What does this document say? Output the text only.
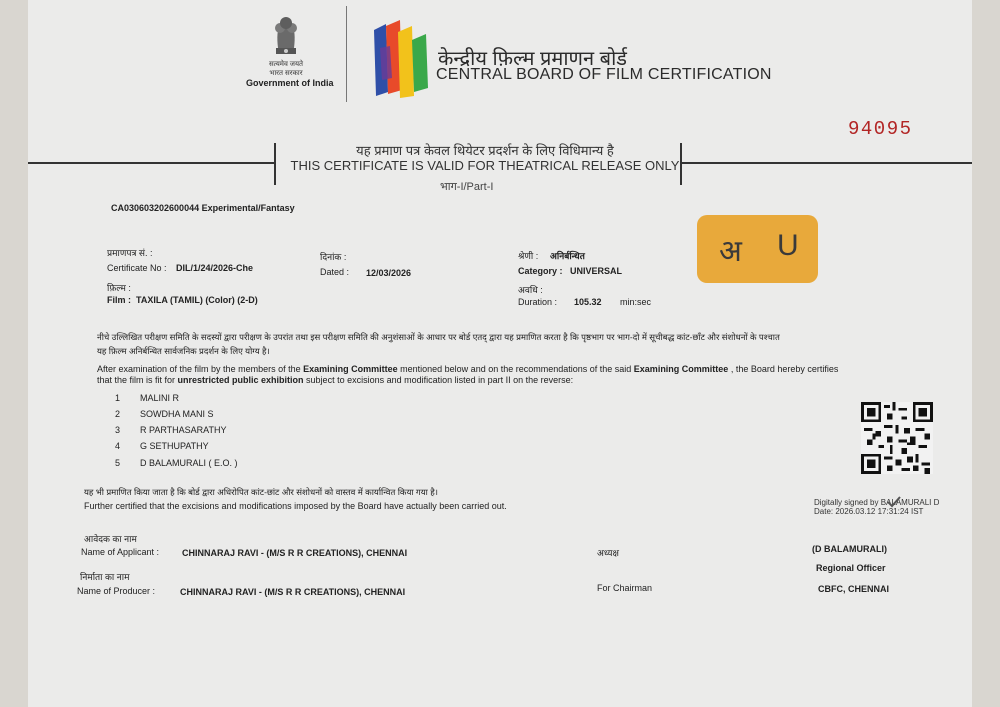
सत्यमेव जयते
भारत सरकार
Government of India
केन्द्रीय फ़िल्म प्रमाणन बोर्ड
CENTRAL BOARD OF FILM CERTIFICATION
94095
यह प्रमाण पत्र केवल थियेटर प्रदर्शन के लिए विधिमान्य है
THIS CERTIFICATE IS VALID FOR THEATRICAL RELEASE ONLY
भाग-I/Part-I
CA030603202600044 Experimental/Fantasy
प्रमाणपत्र सं. :
Certificate No : DIL/1/24/2026-Che
दिनांक :
Dated : 12/03/2026
श्रेणी : अनिर्बन्धित
Category : UNIVERSAL
फ़िल्म :
Film : TAXILA (TAMIL) (Color) (2-D)
अवधि :
Duration : 105.32 min:sec
अ U
नीचे उल्लिखित परीक्षण समिति के सदस्यों द्वारा परीक्षण के उपरांत तथा इस परीक्षण समिति की अनुशंसाओं के आधार पर बोर्ड एतद् द्वारा यह प्रमाणित करता है कि पृष्ठभाग पर भाग-दो में सूचीबद्ध कांट-छाँट और संशोधनों के पश्चात
यह फ़िल्म अनिर्बन्धित सार्वजनिक प्रदर्शन के लिए योग्य है।
After examination of the film by the members of the Examining Committee mentioned below and on the recommendations of the said Examining Committee , the Board hereby certifies
that the film is fit for unrestricted public exhibition subject to excisions and modification listed in part II on the reverse:
1 MALINI R
2 SOWDHA MANI S
3 R PARTHASARATHY
4 G SETHUPATHY
5 D BALAMURALI ( E.O. )
यह भी प्रमाणित किया जाता है कि बोर्ड द्वारा अधिरोपित कांट-छांट और संशोधनों को वास्तव में कार्यान्वित किया गया है।
Further certified that the excisions and modifications imposed by the Board have actually been carried out.	Digitally signed by BALAMURALI D
Date: 2026.03.12 17:31:24 IST
आवेदक का नाम
Name of Applicant :	CHINNARAJ RAVI - (M/S R R CREATIONS), CHENNAI
निर्माता का नाम
Name of Producer :	CHINNARAJ RAVI - (M/S R R CREATIONS), CHENNAI
अध्यक्ष
For Chairman
(D BALAMURALI)
Regional Officer
CBFC, CHENNAI
